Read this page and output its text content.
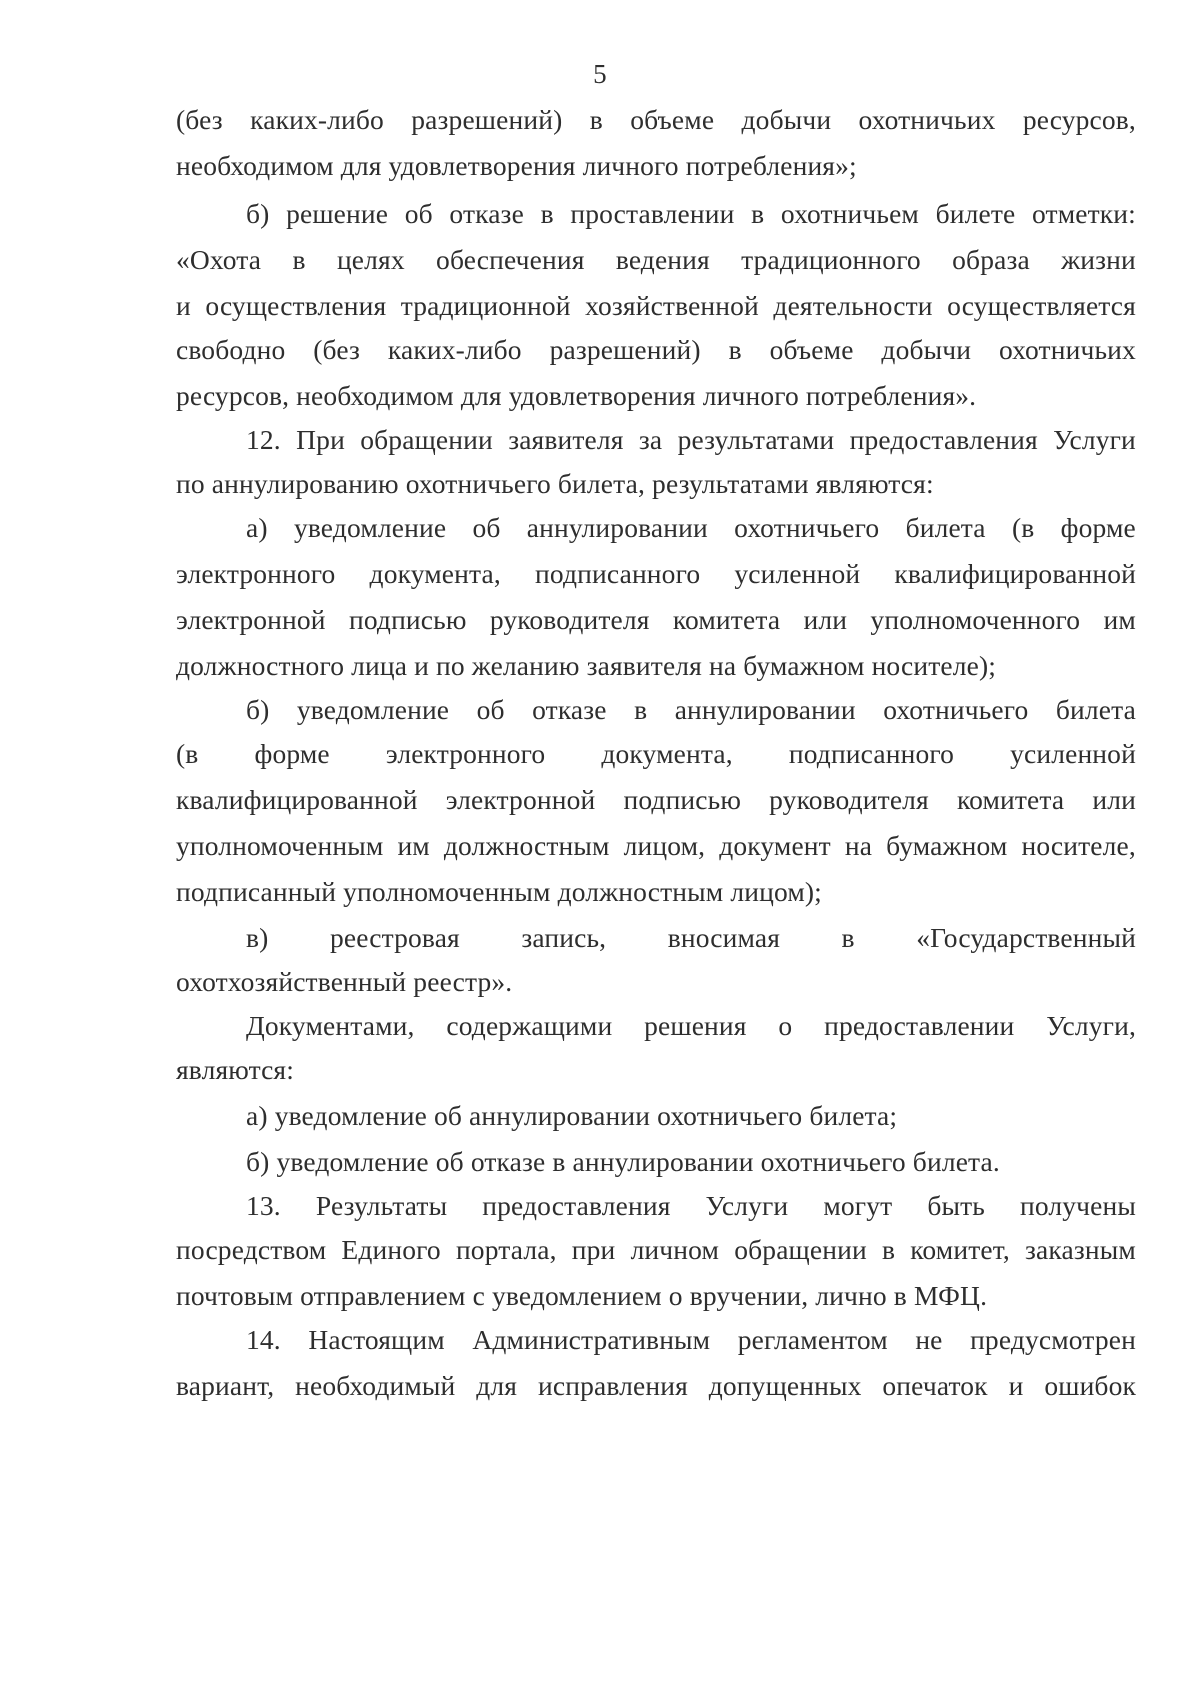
5
(без каких-либо разрешений) в объеме добычи охотничьих ресурсов,
необходимом для удовлетворения личного потребления»;
б) решение об отказе в проставлении в охотничьем билете отметки:
«Охота в целях обеспечения ведения традиционного образа жизни
и осуществления традиционной хозяйственной деятельности осуществляется
свободно (без каких-либо разрешений) в объеме добычи охотничьих
ресурсов, необходимом для удовлетворения личного потребления».
12. При обращении заявителя за результатами предоставления Услуги
по аннулированию охотничьего билета, результатами являются:
а) уведомление об аннулировании охотничьего билета (в форме
электронного документа, подписанного усиленной квалифицированной
электронной подписью руководителя комитета или уполномоченного им
должностного лица и по желанию заявителя на бумажном носителе);
б) уведомление об отказе в аннулировании охотничьего билета
(в форме электронного документа, подписанного усиленной
квалифицированной электронной подписью руководителя комитета или
уполномоченным им должностным лицом, документ на бумажном носителе,
подписанный уполномоченным должностным лицом);
в) реестровая запись, вносимая в «Государственный
охотхозяйственный реестр».
Документами, содержащими решения о предоставлении Услуги,
являются:
а) уведомление об аннулировании охотничьего билета;
б) уведомление об отказе в аннулировании охотничьего билета.
13. Результаты предоставления Услуги могут быть получены
посредством Единого портала, при личном обращении в комитет, заказным
почтовым отправлением с уведомлением о вручении, лично в МФЦ.
14. Настоящим Административным регламентом не предусмотрен
вариант, необходимый для исправления допущенных опечаток и ошибок
